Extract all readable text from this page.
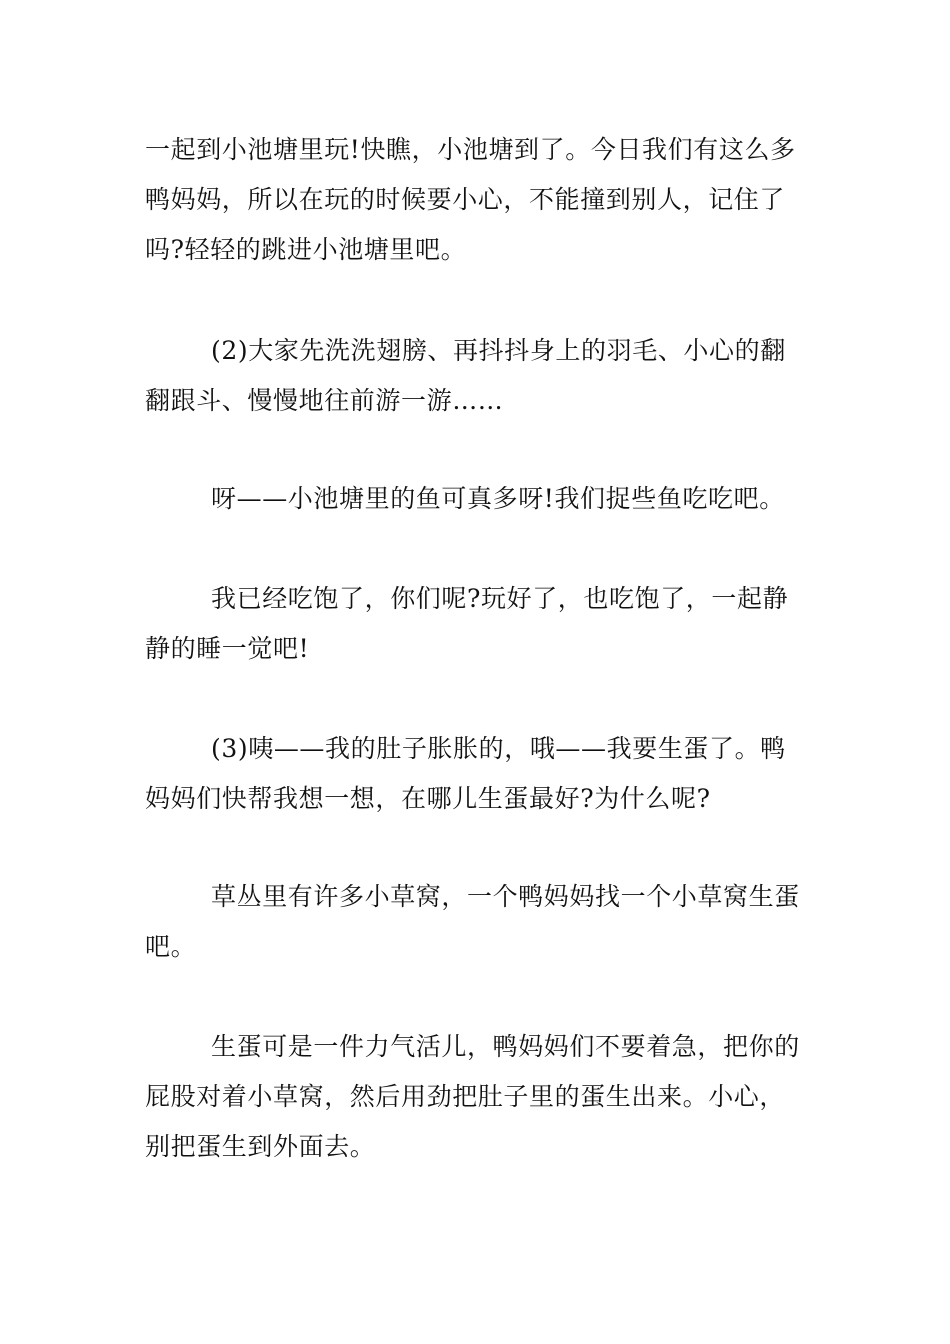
一起到小池塘里玩!快瞧，小池塘到了。今日我们有这么多鸭妈妈，所以在玩的时候要小心，不能撞到别人，记住了吗?轻轻的跳进小池塘里吧。

(2)大家先洗洗翅膀、再抖抖身上的羽毛、小心的翻翻跟斗、慢慢地往前游一游……

呀——小池塘里的鱼可真多呀!我们捉些鱼吃吃吧。

我已经吃饱了，你们呢?玩好了，也吃饱了，一起静静的睡一觉吧!

(3)咦——我的肚子胀胀的，哦——我要生蛋了。鸭妈妈们快帮我想一想，在哪儿生蛋最好?为什么呢?

草丛里有许多小草窝，一个鸭妈妈找一个小草窝生蛋吧。

生蛋可是一件力气活儿，鸭妈妈们不要着急，把你的屁股对着小草窝，然后用劲把肚子里的蛋生出来。小心，别把蛋生到外面去。
